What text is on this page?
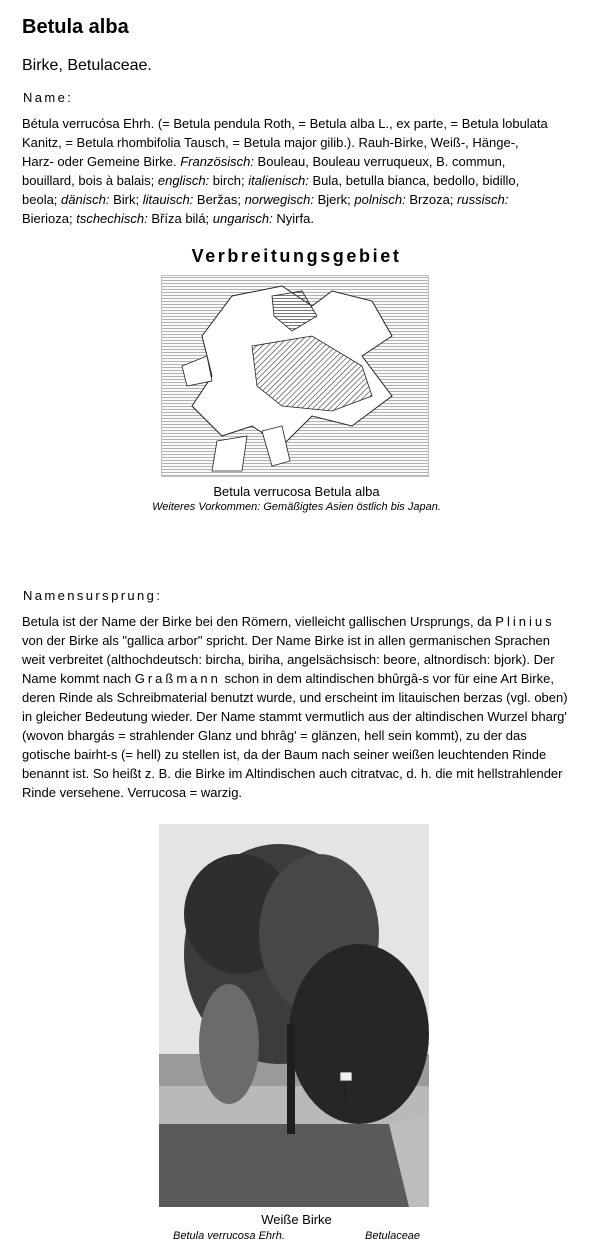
Betula alba
Birke, Betulaceae.
Name:
Bétula verrucósa Ehrh. (= Betula pendula Roth, = Betula alba L., ex parte, = Betula lobulata Kanitz, = Betula rhombifolia Tausch, = Betula major gilib.). Rauh-Birke, Weiß-, Hänge-, Harz- oder Gemeine Birke. Französisch: Bouleau, Bouleau verruqueux, B. commun, bouillard, bois à balais; englisch: birch; italienisch: Bula, betulla bianca, bedollo, bidillo, beola; dänisch: Birk; litauisch: Beržas; norwegisch: Bjerk; polnisch: Brzoza; russisch: Bierioza; tschechisch: Bříza bilá; ungarisch: Nyirfa.
Verbreitungsgebiet
Betula verrucosa Betula alba
Weiteres Vorkommen: Gemäßigtes Asien östlich bis Japan.
Namensursprung:
Betula ist der Name der Birke bei den Römern, vielleicht gallischen Ursprungs, da Plinius von der Birke als "gallica arbor" spricht. Der Name Birke ist in allen germanischen Sprachen weit verbreitet (althochdeutsch: bircha, biriha, angelsächsisch: beore, altnordisch: bjork). Der Name kommt nach Graßmann schon in dem altindischen bhûrgâ-s vor für eine Art Birke, deren Rinde als Schreibmaterial benutzt wurde, und erscheint im litauischen berzas (vgl. oben) in gleicher Bedeutung wieder. Der Name stammt vermutlich aus der altindischen Wurzel bharg' (wovon bhargás = strahlender Glanz und bhrâg' = glänzen, hell sein kommt), zu der das gotische bairht-s (= hell) zu stellen ist, da der Baum nach seiner weißen leuchtenden Rinde benannt ist. So heißt z. B. die Birke im Altindischen auch citratvac, d. h. die mit hellstrahlender Rinde versehene. Verrucosa = warzig.
Weiße Birke
Betula verrucosa Ehrh.	Betulaceae
